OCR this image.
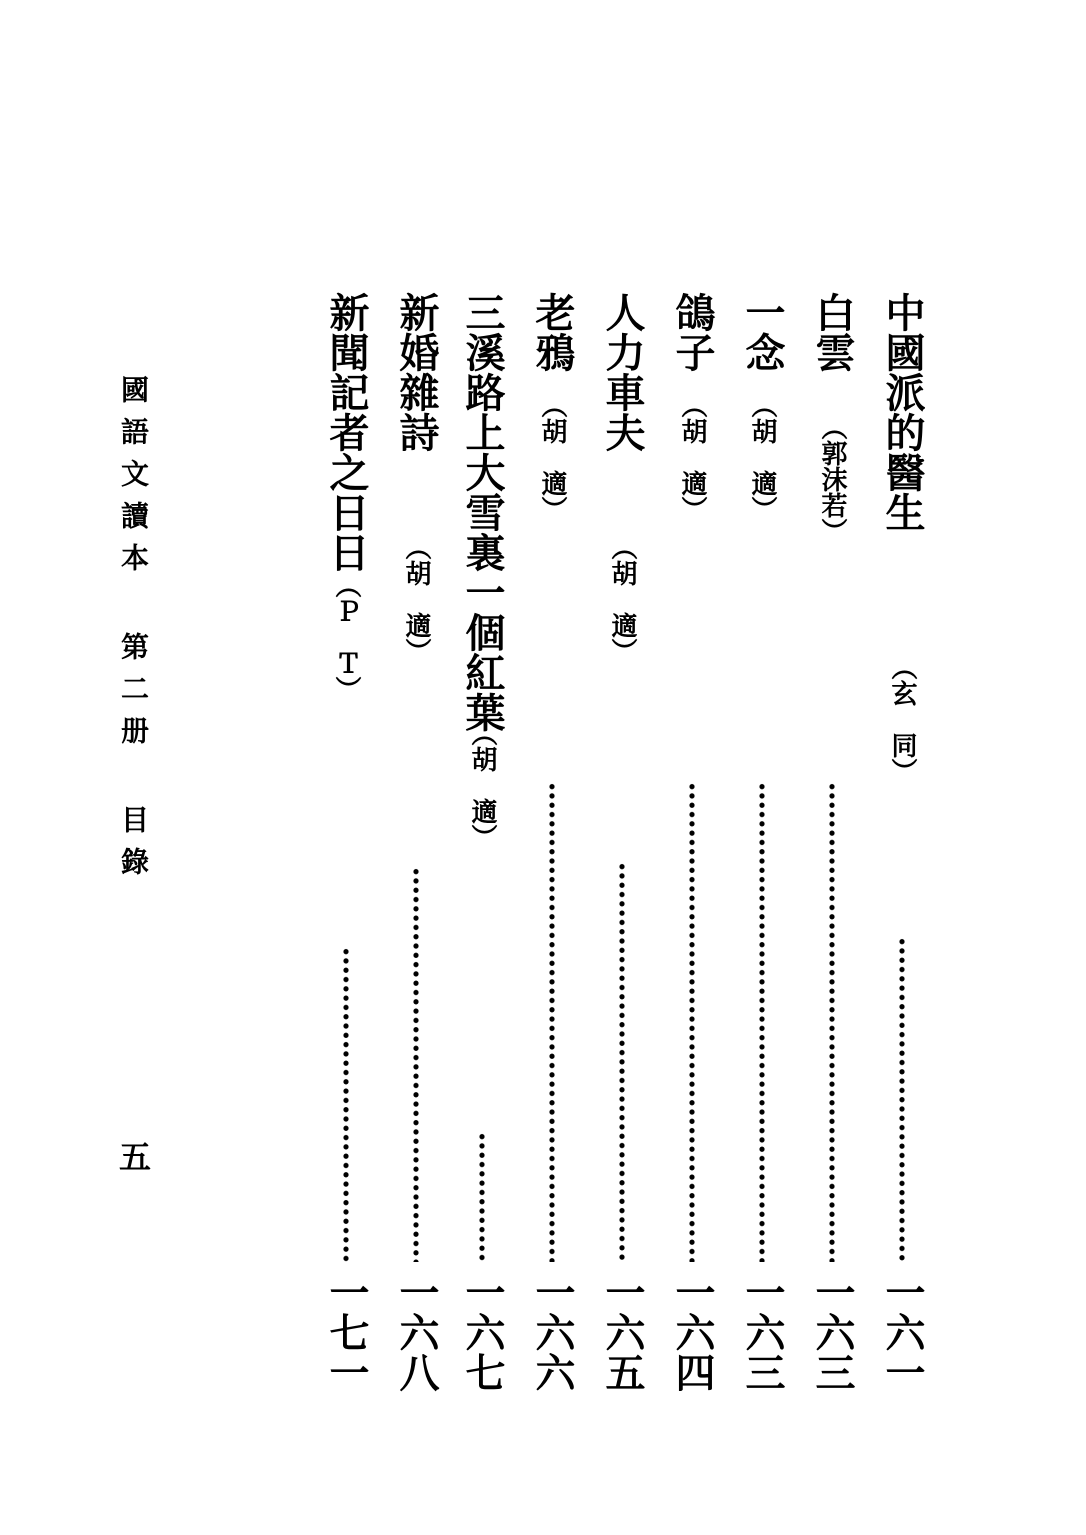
中國派的醫生
（玄　同）
一六一
白雲
（郭沫若）
一六三
一念
（胡　適）
一六三
鴿子
（胡　適）
一六四
人力車夫
（胡　適）
一六五
老鴉
（胡　適）
一六六
三溪路上大雪裏一個紅葉
（胡　適）
一六七
新婚雜詩
（胡　適）
一六八
新聞記者之日日
（Ｐ　Ｔ）
一七一
國語文讀本 第二册 目錄
五
